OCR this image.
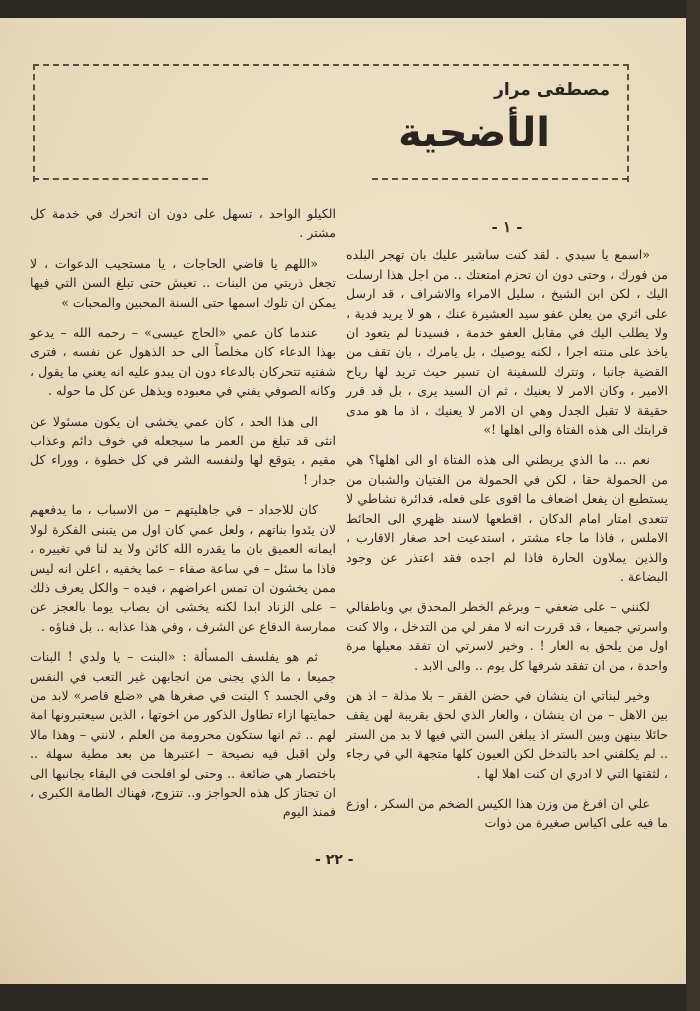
مصطفى مرار
الأضحية
- ١ -

«اسمع يا سيدي . لقد كنت ساشير عليك بان تهجر البلده من فورك ، وحتى دون ان تحزم امتعتك .. من اجل هذا ارسلت اليك ، لكن ابن الشيخ ، سليل الامراء والاشراف ، قد ارسل على اثري من يعلن عفو سيد العشيرة عنك ، هو لا يريد فدية ، ولا يطلب اليك في مقابل العفو خدمة ، فسيدنا لم يتعود ان ياخذ على منته اجرا ، لكنه يوصيك ، بل يامرك ، بان تقف من القضية جانبا ، وتترك للسفينة ان تسير حيث تريد لها رياح الامير ، وكان الامر لا يعنيك ، ثم ان السيد يرى ، بل قد قرر حقيقة لا تقبل الجدل وهي ان الامر لا يعنيك ، اذ ما هو مدى قرابتك الى هذه الفتاة والى اهلها !»

نعم ... ما الذي يربطني الى هذه الفتاة او الى اهلها؟ هي من الحمولة حقا ، لكن في الحمولة من الفتيان والشبان من يستطيع ان يفعل اضعاف ما اقوى على فعله، فدائرة نشاطي لا تتعدى امتار امام الدكان ، اقطعها لاسند ظهري الى الحائط الاملس ، فاذا ما جاء مشتر ، استدعيت احد صغار الاقارب ، والذين يملاون الحارة فاذا لم اجده فقد اعتذر عن وجود البضاعة .

لكنني – على ضعفي – وبرغم الخطر المحدق بي وباطفالي واسرتي جميعا ، قد قررت انه لا مفر لي من التدخل ، والا كنت اول من يلحق به العار ! . وخير لاسرتي ان تفقد معيلها مرة واحدة ، من ان تفقد شرفها كل يوم .. والى الابد .

وخير لبناتي ان ينشان في حضن الفقر – بلا مذلة – اذ هن بين الاهل – من ان ينشان ، والعار الذي لحق بقريبة لهن يقف حائلا بينهن وبين الستر اذ يبلغن السن التي فيها لا بد من الستر .. لم يكلفني احد بالتدخل لكن العيون كلها متجهة الي في رجاء ، لثقتها التي لا ادري ان كنت اهلا لها .

علي ان افرغ من وزن هذا الكيس الضخم من السكر ، اوزع ما فيه على اكياس صغيرة من ذوات

الكيلو الواحد ، تسهل على دون ان اتحرك في خدمة كل مشتر .

«اللهم يا قاضي الحاجات ، يا مستجيب الدعوات ، لا تجعل ذريتي من البنات .. تعيش حتى تبلغ السن التي فيها يمكن ان تلوك اسمها حتى السنة المحبين والمحبات »

عندما كان عمي «الحاج عيسى» – رحمه الله – يدعو بهذا الدعاء كان مخلصاً الى حد الذهول عن نفسه ، فترى شفتيه تتحركان بالدعاء دون ان يبدو عليه انه يعني ما يقول ، وكانه الصوفي يفني في معبوده ويذهل عن كل ما حوله .

الى هذا الحد ، كان عمي يخشى ان يكون مسئولا عن انثى قد تبلغ من العمر ما سيجعله في خوف دائم وعذاب مقيم ، يتوقع لها ولنفسه الشر في كل خطوة ، ووراء كل جدار !

كان للاجداد – في جاهليتهم – من الاسباب ، ما يدفعهم لان يئدوا بناتهم ، ولعل عمي كان اول من يتبنى الفكرة لولا ايمانه العميق بان ما يقدره الله كائن ولا يد لنا في تغييره ، فاذا ما سئل – في ساعة صفاء – عما يخفيه ، اعلن انه ليس ممن يخشون ان تمس اعراضهم ، فيده – والكل يعرف ذلك – على الزناد ابدا لكنه يخشى ان يصاب يوما بالعجز عن ممارسة الدفاع عن الشرف ، وفي هذا عذابه .. بل فناؤه .

ثم هو يفلسف المسألة : «البنت – يا ولدي ! البنات جميعا ، ما الذي يجنى من انجابهن غير التعب في النفس وفي الجسد ؟ البنت في صغرها هي «ضلع قاصر» لابد من حمايتها ازاء تطاول الذكور من اخوتها ، الذين سيعتبرونها امة لهم .. ثم انها ستكون محرومة من العلم ، لانني – وهذا مالا ولن اقبل فيه نصيحة – اعتبرها من بعد مطية سهلة .. باختصار هي ضائعة .. وحتى لو افلحت في البقاء بجانبها الى ان تجتاز كل هذه الحواجز و.. تتزوج، فهناك الطامة الكبرى ، فمنذ اليوم

- ٢٢ -
